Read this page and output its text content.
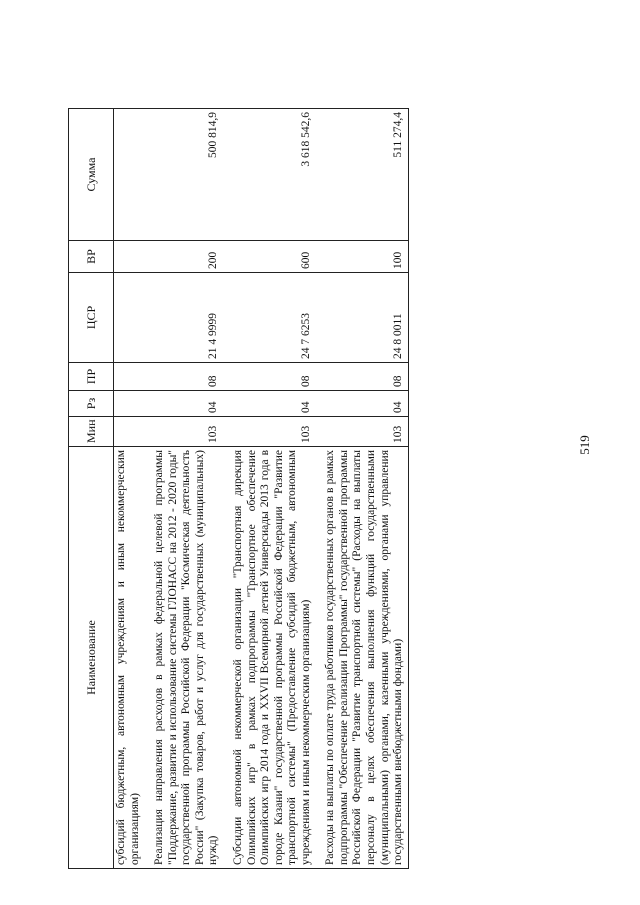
519
Наименование	Мин	Рз	ПР	ЦСР	ВР	Сумма
субсидий бюджетным, автономным учреждениям и иным некоммерческим организациям)						
Реализация направления расходов в рамках федеральной целевой программы "Поддержание, развитие и использование системы ГЛОНАСС на 2012 - 2020 годы" государственной программы Российской Федерации "Космическая деятельность России" (Закупка товаров, работ и услуг для государственных (муниципальных) нужд)	103	04	08	21 4 9999	200	500 814,9
Субсидии автономной некоммерческой организации "Транспортная дирекция Олимпийских игр" в рамках подпрограммы "Транспортное обеспечение Олимпийских игр 2014 года и XXVII Всемирной летней Универсиады 2013 года в городе Казани" государственной программы Российской Федерации "Развитие транспортной системы" (Предоставление субсидий бюджетным, автономным учреждениям и иным некоммерческим организациям)	103	04	08	24 7 6253	600	3 618 542,6
Расходы на выплаты по оплате труда работников государственных органов в рамках подпрограммы "Обеспечение реализации Программы" государственной программы Российской Федерации "Развитие транспортной системы" (Расходы на выплаты персоналу в целях обеспечения выполнения функций государственными (муниципальными) органами, казенными учреждениями, органами управления государственными внебюджетными фондами)	103	04	08	24 8 0011	100	511 274,4
